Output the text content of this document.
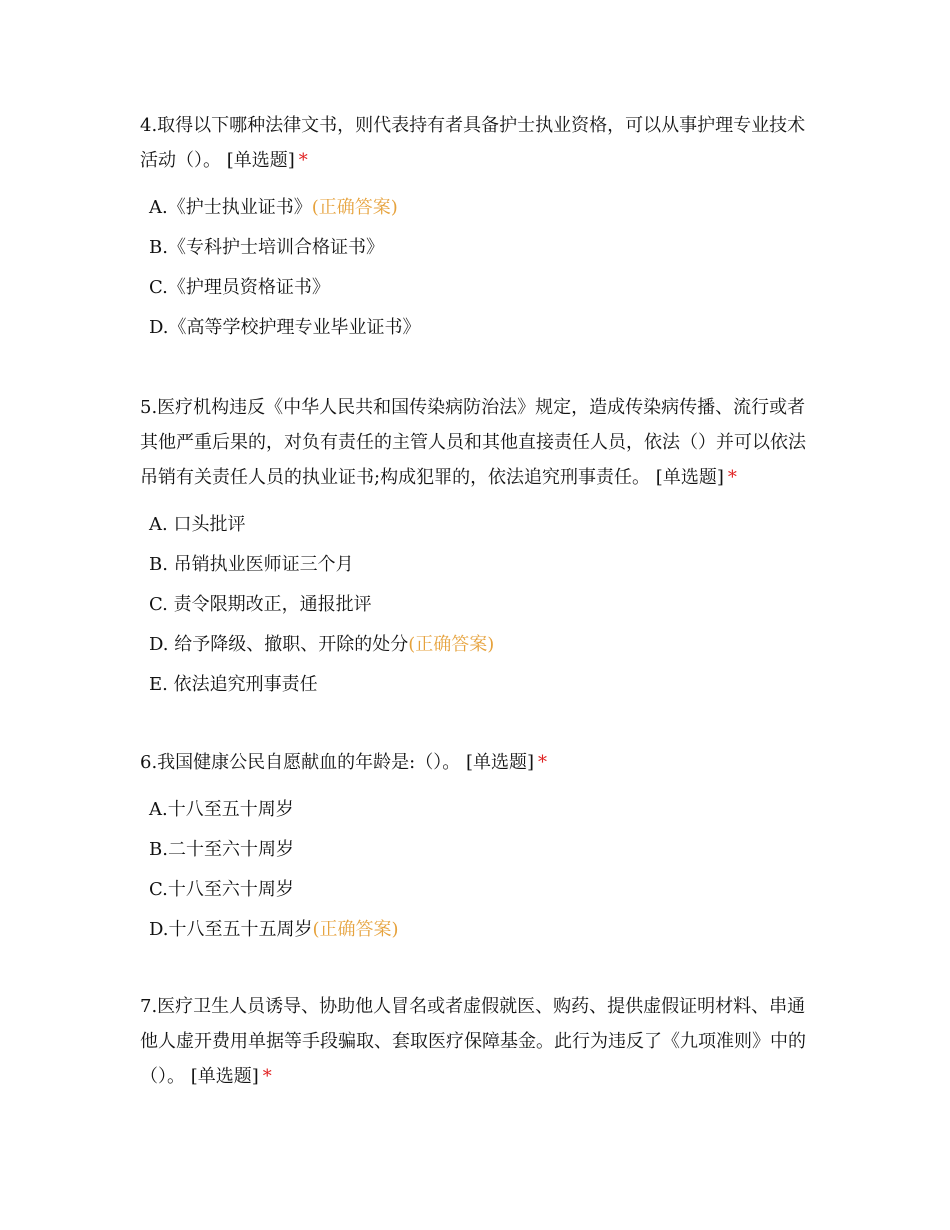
4.取得以下哪种法律文书，则代表持有者具备护士执业资格，可以从事护理专业技术活动（）。 [单选题] *

A.《护士执业证书》(正确答案)
B.《专科护士培训合格证书》
C.《护理员资格证书》
D.《高等学校护理专业毕业证书》

5.医疗机构违反《中华人民共和国传染病防治法》规定，造成传染病传播、流行或者其他严重后果的，对负有责任的主管人员和其他直接责任人员，依法（）并可以依法吊销有关责任人员的执业证书;构成犯罪的，依法追究刑事责任。 [单选题] *

A. 口头批评
B. 吊销执业医师证三个月
C. 责令限期改正，通报批评
D. 给予降级、撤职、开除的处分(正确答案)
E. 依法追究刑事责任

6.我国健康公民自愿献血的年龄是:（）。 [单选题] *

A.十八至五十周岁
B.二十至六十周岁
C.十八至六十周岁
D.十八至五十五周岁(正确答案)

7.医疗卫生人员诱导、协助他人冒名或者虚假就医、购药、提供虚假证明材料、串通他人虚开费用单据等手段骗取、套取医疗保障基金。此行为违反了《九项准则》中的（）。 [单选题] *
